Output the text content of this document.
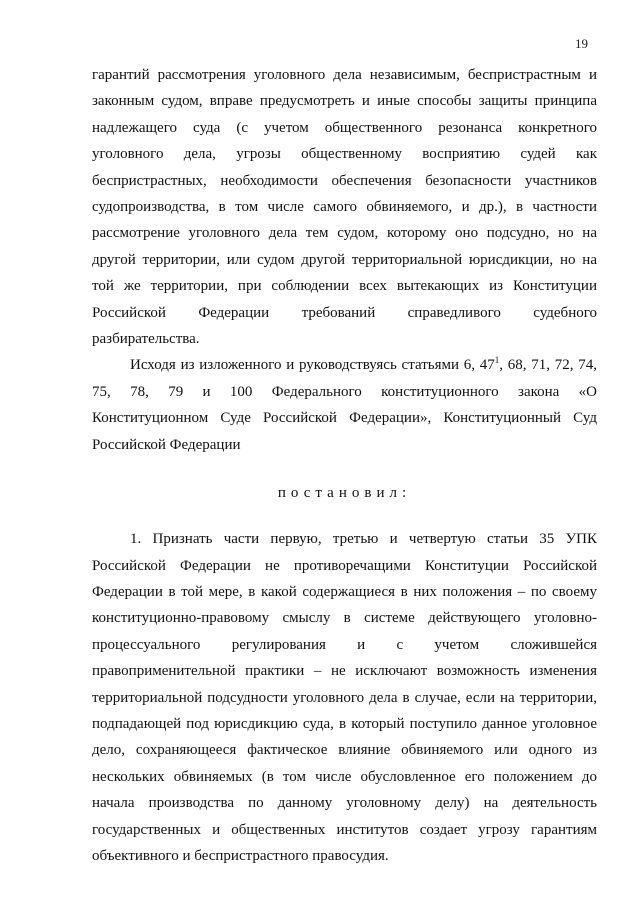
19

гарантий рассмотрения уголовного дела независимым, беспристрастным и

законным судом, вправе предусмотреть и иные способы защиты принципа

надлежащего суда (с учетом общественного резонанса конкретного

уголовного дела, угрозы общественному восприятию судей как

беспристрастных, необходимости обеспечения безопасности участников

судопроизводства, в том числе самого обвиняемого, и др.), в частности

рассмотрение уголовного дела тем судом, которому оно подсудно, но на

другой территории, или судом другой территориальной юрисдикции, но на

той же территории, при соблюдении всех вытекающих из Конституции

Российской Федерации требований справедливого судебного

разбирательства.

Исходя из изложенного и руководствуясь статьями 6, $47^1$, 68, 71, 72, 74,

75, 78, 79 и 100 Федерального конституционного закона «О

Конституционном Суде Российской Федерации», Конституционный Суд

Российской Федерации

постановил:

1. Признать части первую, третью и четвертую статьи 35 УПК

Российской Федерации не противоречащими Конституции Российской

Федерации в той мере, в какой содержащиеся в них положения – по своему

конституционно-правовому смыслу в системе действующего уголовно-

процессуального регулирования и с учетом сложившейся

правоприменительной практики – не исключают возможность изменения

территориальной подсудности уголовного дела в случае, если на территории,

подпадающей под юрисдикцию суда, в который поступило данное уголовное

дело, сохраняющееся фактическое влияние обвиняемого или одного из

нескольких обвиняемых (в том числе обусловленное его положением до

начала производства по данному уголовному делу) на деятельность

государственных и общественных институтов создает угрозу гарантиям

объективного и беспристрастного правосудия.
